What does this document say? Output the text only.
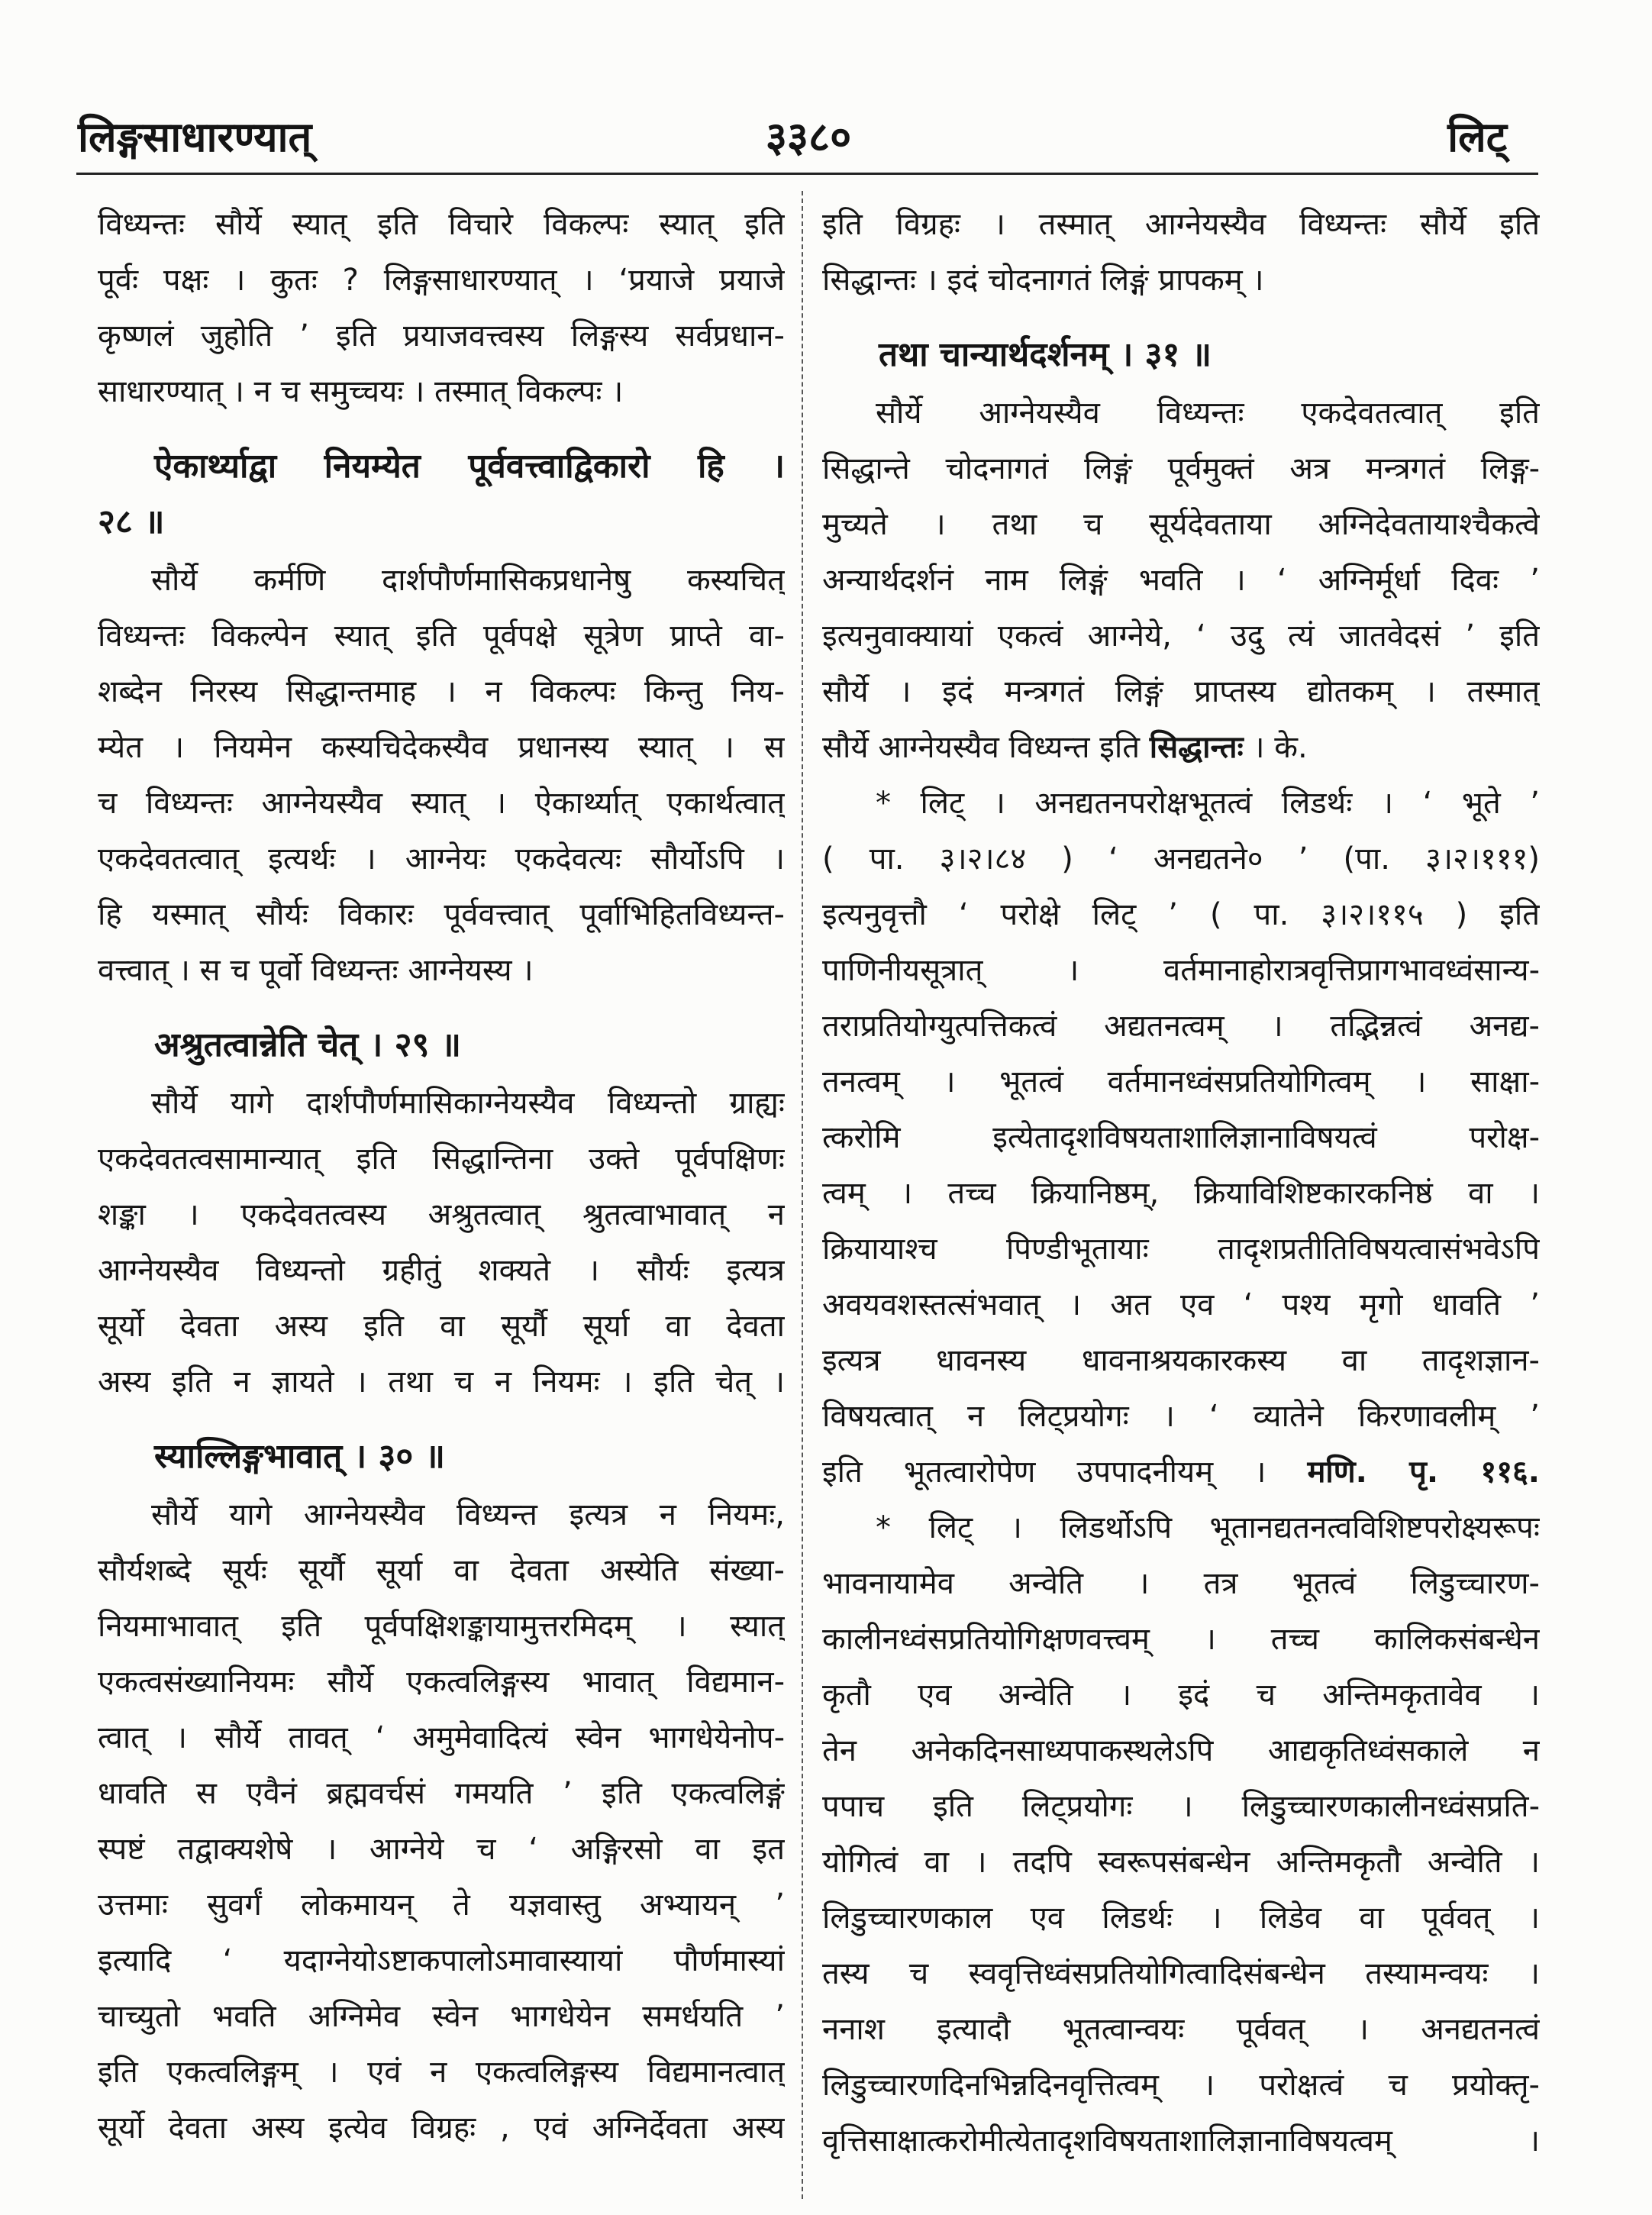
लिङ्गसाधारण्यात्	३३८०	लिट्
विध्यन्तः सौर्ये स्यात् इति विचारे विकल्पः स्यात् इति
पूर्वः पक्षः । कुतः ? लिङ्गसाधारण्यात् । ‘प्रयाजे प्रयाजे
कृष्णलं जुहोति ’ इति प्रयाजवत्त्वस्य लिङ्गस्य सर्वप्रधान-
साधारण्यात् । न च समुच्चयः । तस्मात् विकल्पः ।
ऐकार्थ्याद्वा नियम्येत पूर्ववत्त्वाद्विकारो हि ।
२८ ॥
सौर्ये कर्मणि दार्शपौर्णमासिकप्रधानेषु कस्यचित्
विध्यन्तः विकल्पेन स्यात् इति पूर्वपक्षे सूत्रेण प्राप्ते वा-
शब्देन निरस्य सिद्धान्तमाह । न विकल्पः किन्तु निय-
म्येत । नियमेन कस्यचिदेकस्यैव प्रधानस्य स्यात् । स
च विध्यन्तः आग्नेयस्यैव स्यात् । ऐकार्थ्यात् एकार्थत्वात्
एकदेवतत्वात् इत्यर्थः । आग्नेयः एकदेवत्यः सौर्योऽपि ।
हि यस्मात् सौर्यः विकारः पूर्ववत्त्वात् पूर्वाभिहितविध्यन्त-
वत्त्वात् । स च पूर्वो विध्यन्तः आग्नेयस्य ।
अश्रुतत्वान्नेति चेत् । २९ ॥
सौर्ये यागे दार्शपौर्णमासिकाग्नेयस्यैव विध्यन्तो ग्राह्यः
एकदेवतत्वसामान्यात् इति सिद्धान्तिना उक्ते पूर्वपक्षिणः
शङ्का । एकदेवतत्वस्य अश्रुतत्वात् श्रुतत्वाभावात् न
आग्नेयस्यैव विध्यन्तो ग्रहीतुं शक्यते । सौर्यः इत्यत्र
सूर्यो देवता अस्य इति वा सूर्यौ सूर्या वा देवता
अस्य इति न ज्ञायते । तथा च न नियमः । इति चेत् ।
स्याल्लिङ्गभावात् । ३० ॥
सौर्ये यागे आग्नेयस्यैव विध्यन्त इत्यत्र न नियमः,
सौर्यशब्दे सूर्यः सूर्यौ सूर्या वा देवता अस्येति संख्या-
नियमाभावात् इति पूर्वपक्षिशङ्कायामुत्तरमिदम् । स्यात्
एकत्वसंख्यानियमः सौर्ये एकत्वलिङ्गस्य भावात् विद्यमान-
त्वात् । सौर्ये तावत् ‘ अमुमेवादित्यं स्वेन भागधेयेनोप-
धावति स एवैनं ब्रह्मवर्चसं गमयति ’ इति एकत्वलिङ्गं
स्पष्टं तद्वाक्यशेषे । आग्नेये च ‘ अङ्गिरसो वा इत
उत्तमाः सुवर्गं लोकमायन् ते यज्ञवास्तु अभ्यायन् ’
इत्यादि ‘ यदाग्नेयोऽष्टाकपालोऽमावास्यायां पौर्णमास्यां
चाच्युतो भवति अग्निमेव स्वेन भागधेयेन समर्धयति ’
इति एकत्वलिङ्गम् । एवं न एकत्वलिङ्गस्य विद्यमानत्वात्
सूर्यो देवता अस्य इत्येव विग्रहः , एवं अग्निर्देवता अस्य
इति विग्रहः । तस्मात् आग्नेयस्यैव विध्यन्तः सौर्ये इति
सिद्धान्तः । इदं चोदनागतं लिङ्गं प्रापकम् ।
तथा चान्यार्थदर्शनम् । ३१ ॥
सौर्ये आग्नेयस्यैव विध्यन्तः एकदेवतत्वात् इति
सिद्धान्ते चोदनागतं लिङ्गं पूर्वमुक्तं अत्र मन्त्रगतं लिङ्ग-
मुच्यते । तथा च सूर्यदेवताया अग्निदेवतायाश्चैकत्वे
अन्यार्थदर्शनं नाम लिङ्गं भवति । ‘ अग्निर्मूर्धा दिवः ’
इत्यनुवाक्यायां एकत्वं आग्नेये, ‘ उदु त्यं जातवेदसं ’ इति
सौर्ये । इदं मन्त्रगतं लिङ्गं प्राप्तस्य द्योतकम् । तस्मात्
सौर्ये आग्नेयस्यैव विध्यन्त इति सिद्धान्तः । के.
* लिट् । अनद्यतनपरोक्षभूतत्वं लिडर्थः । ‘ भूते ’
( पा. ३।२।८४ ) ‘ अनद्यतने० ’ (पा. ३।२।१११)
इत्यनुवृत्तौ ‘ परोक्षे लिट् ’ ( पा. ३।२।११५ ) इति
पाणिनीयसूत्रात् । वर्तमानाहोरात्रवृत्तिप्रागभावध्वंसान्य-
तराप्रतियोग्युत्पत्तिकत्वं अद्यतनत्वम् । तद्भिन्नत्वं अनद्य-
तनत्वम् । भूतत्वं वर्तमानध्वंसप्रतियोगित्वम् । साक्षा-
त्करोमि इत्येतादृशविषयताशालिज्ञानाविषयत्वं परोक्ष-
त्वम् । तच्च क्रियानिष्ठम्, क्रियाविशिष्टकारकनिष्ठं वा ।
क्रियायाश्च पिण्डीभूतायाः तादृशप्रतीतिविषयत्वासंभवेऽपि
अवयवशस्तत्संभवात् । अत एव ‘ पश्य मृगो धावति ’
इत्यत्र धावनस्य धावनाश्रयकारकस्य वा तादृशज्ञान-
विषयत्वात् न लिट्प्रयोगः । ‘ व्यातेने किरणावलीम् ’
इति भूतत्वारोपेण उपपादनीयम् । मणि. पृ. ११६.
* लिट् । लिडर्थोऽपि भूतानद्यतनत्वविशिष्टपरोक्ष्यरूपः
भावनायामेव अन्वेति । तत्र भूतत्वं लिडुच्चारण-
कालीनध्वंसप्रतियोगिक्षणवत्त्वम् । तच्च कालिकसंबन्धेन
कृतौ एव अन्वेति । इदं च अन्तिमकृतावेव ।
तेन अनेकदिनसाध्यपाकस्थलेऽपि आद्यकृतिध्वंसकाले न
पपाच इति लिट्प्रयोगः । लिडुच्चारणकालीनध्वंसप्रति-
योगित्वं वा । तदपि स्वरूपसंबन्धेन अन्तिमकृतौ अन्वेति ।
लिडुच्चारणकाल एव लिडर्थः । लिडेव वा पूर्ववत् ।
तस्य च स्ववृत्तिध्वंसप्रतियोगित्वादिसंबन्धेन तस्यामन्वयः ।
ननाश इत्यादौ भूतत्वान्वयः पूर्ववत् । अनद्यतनत्वं
लिडुच्चारणदिनभिन्नदिनवृत्तित्वम् । परोक्षत्वं च प्रयोक्तृ-
वृत्तिसाक्षात्करोमीत्येतादृशविषयताशालिज्ञानाविषयत्वम् ।
